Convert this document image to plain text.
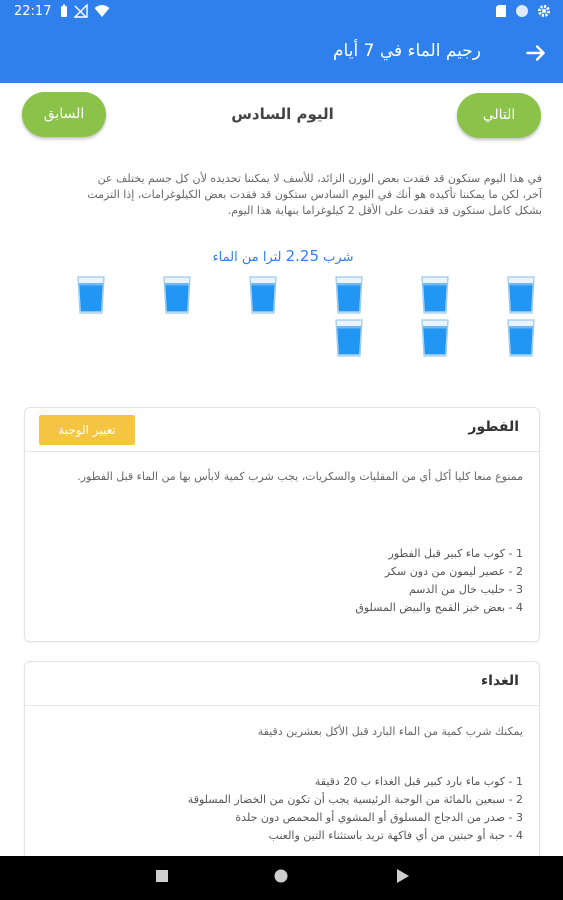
22:17
رجيم الماء في 7 أيام
التالي
اليوم السادس
السابق
في هذا اليوم ستكون قد فقدت بعض الوزن الزائد، للأسف لا يمكننا تحديده لأن كل جسم يختلف عن آخر، لكن ما يمكننا تأكيده هو أنك في اليوم السادس ستكون قد فقدت بعض الكيلوغرامات، إذا التزمت بشكل كامل ستكون قد فقدت على الأقل 2 كيلوغراما بنهاية هذا اليوم.
شرب 2.25 لترا من الماء
الفطور
تغيير الوجبة
ممنوع منعا كليا أكل أي من المقليات والسكريات، يجب شرب كمية لابأس بها من الماء قبل الفطور.
1 - كوب ماء كبير قبل الفطور
2 - عصير ليمون من دون سكر
3 - حليب خال من الدسم
4 - بعض خبز القمح والبيض المسلوق
الغداء
يمكنك شرب كمية من الماء البارد قبل الأكل بعشرين دقيقة
1 - كوب ماء بارد كبير قبل الغداء ب 20 دقيقة
2 - سبعين بالمائة من الوجبة الرئيسية يجب أن تكون من الخضار المسلوقة
3 - صدر من الدجاج المسلوق أو المشوي أو المحمص دون جلدة
4 - حبة أو حبتين من أي فاكهة تريد باستثناء التين والعنب
